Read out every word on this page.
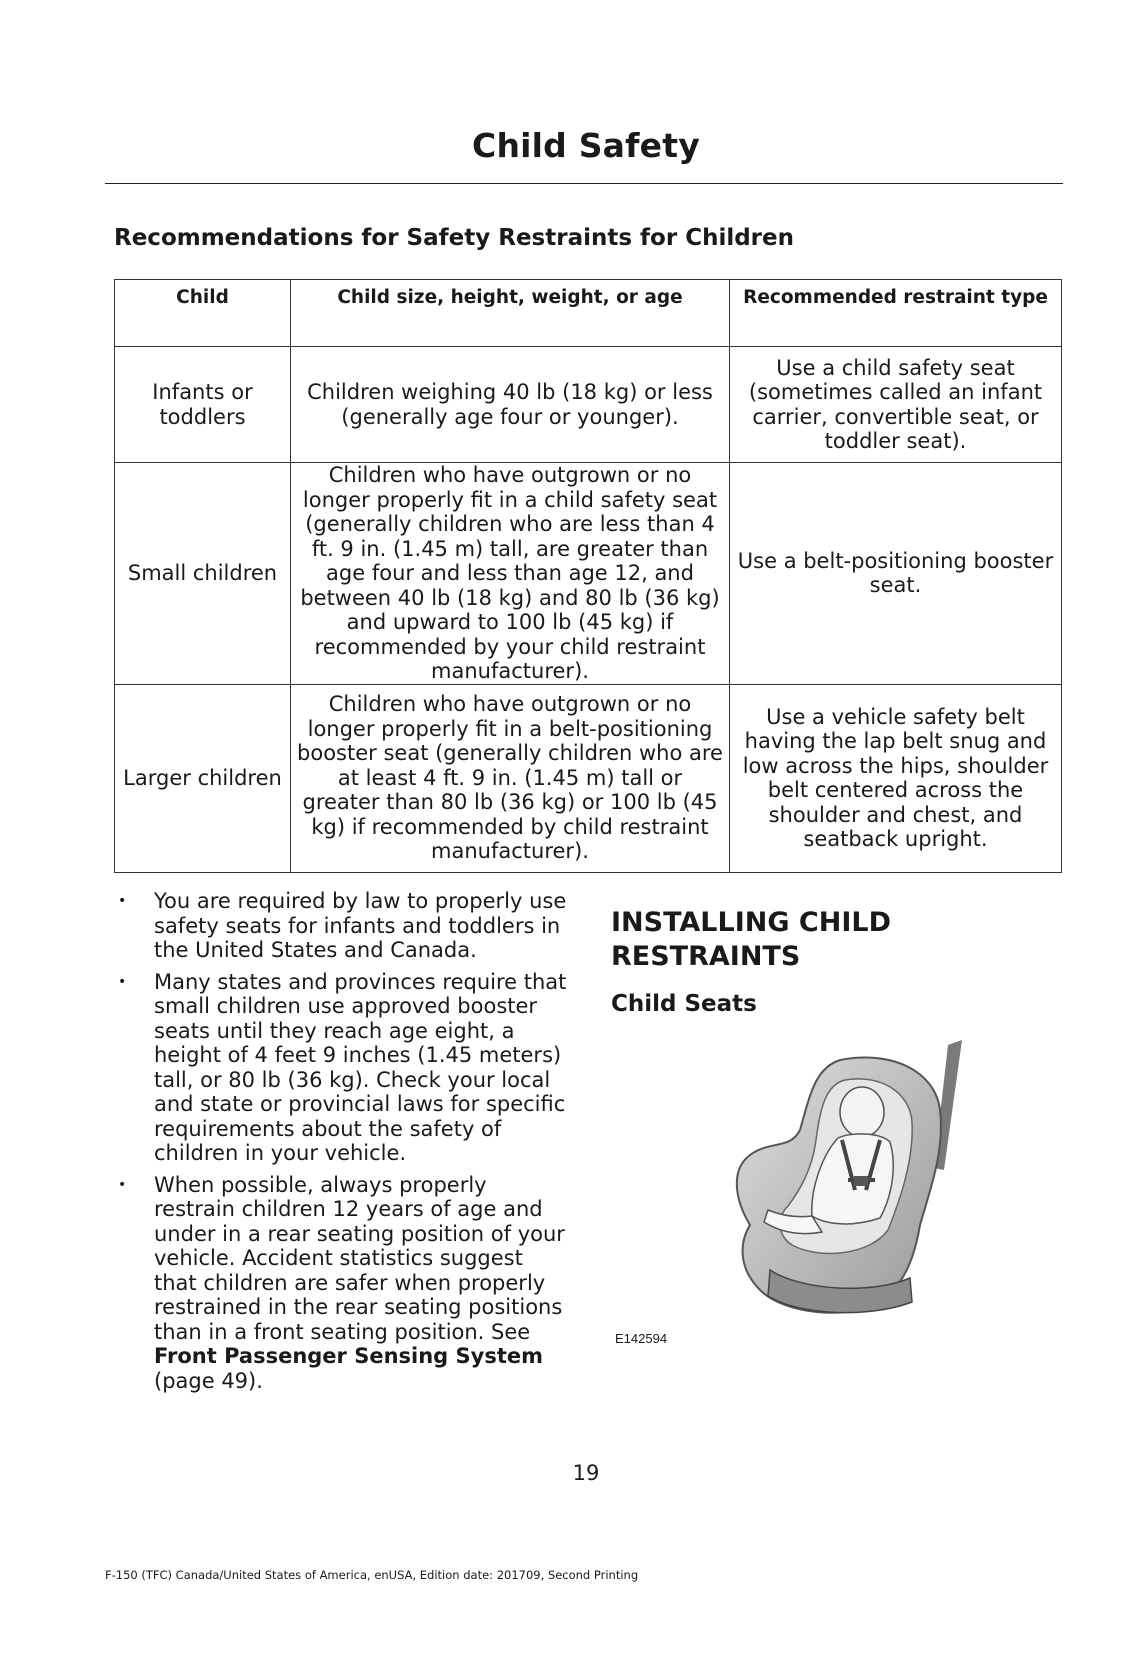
Child Safety
Recommendations for Safety Restraints for Children
Child	Child size, height, weight, or age	Recommended restraint type
Infants or toddlers	Children weighing 40 lb (18 kg) or less (generally age four or younger).	Use a child safety seat (sometimes called an infant carrier, convertible seat, or toddler seat).
Small children	Children who have outgrown or no longer properly fit in a child safety seat (generally children who are less than 4 ft. 9 in. (1.45 m) tall, are greater than age four and less than age 12, and between 40 lb (18 kg) and 80 lb (36 kg) and upward to 100 lb (45 kg) if recommended by your child restraint manufacturer).	Use a belt-positioning booster seat.
Larger children	Children who have outgrown or no longer properly fit in a belt-positioning booster seat (generally children who are at least 4 ft. 9 in. (1.45 m) tall or greater than 80 lb (36 kg) or 100 lb (45 kg) if recommended by child restraint manufacturer).	Use a vehicle safety belt having the lap belt snug and low across the hips, shoulder belt centered across the shoulder and chest, and seatback upright.
• You are required by law to properly use safety seats for infants and toddlers in the United States and Canada.
• Many states and provinces require that small children use approved booster seats until they reach age eight, a height of 4 feet 9 inches (1.45 meters) tall, or 80 lb (36 kg). Check your local and state or provincial laws for specific requirements about the safety of children in your vehicle.
• When possible, always properly restrain children 12 years of age and under in a rear seating position of your vehicle. Accident statistics suggest that children are safer when properly restrained in the rear seating positions than in a front seating position. See Front Passenger Sensing System
(page 49).
INSTALLING CHILD
RESTRAINTS
Child Seats
E142594
19
F-150 (TFC) Canada/United States of America, enUSA, Edition date: 201709, Second Printing
